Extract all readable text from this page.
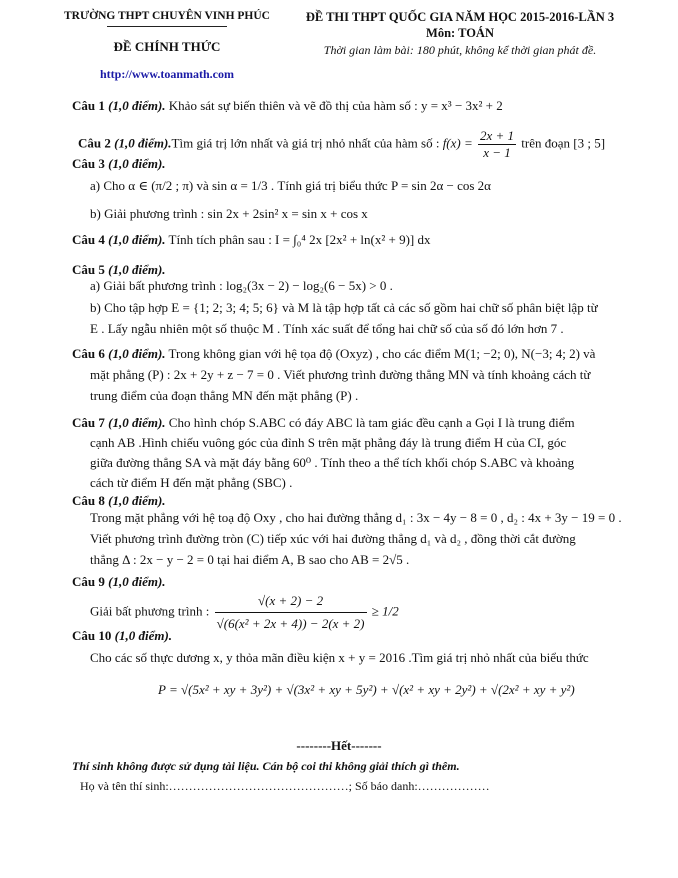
TRƯỜNG THPT CHUYÊN VINH PHÚC
ĐỀ CHÍNH THỨC
http://www.toanmath.com
ĐỀ THI THPT QUỐC GIA NĂM HỌC 2015-2016-LẦN 3
Môn: TOÁN
Thời gian làm bài: 180 phút, không kể thời gian phát đề.
Câu 1 (1,0 điểm). Khảo sát sự biến thiên và vẽ đồ thị của hàm số : y = x³ − 3x² + 2
Câu 2 (1,0 điểm).Tìm giá trị lớn nhất và giá trị nhỏ nhất của hàm số : $f(x) = \frac{2x + 1}{x - 1}$ trên đoạn [3 ; 5]
Câu 3 (1,0 điểm).
a) Cho α ∈ (π/2 ; π) và sin α = 1/3 . Tính giá trị biểu thức P = sin 2α − cos 2α
b) Giải phương trình : sin 2x + 2sin² x = sin x + cos x
Câu 4 (1,0 điểm). Tính tích phân sau : I = ∫₀⁴ 2x [2x² + ln(x² + 9)] dx
Câu 5 (1,0 điểm).
a) Giải bất phương trình : log₂(3x − 2) − log₂(6 − 5x) > 0 .
b) Cho tập hợp E = {1; 2; 3; 4; 5; 6} và M là tập hợp tất cả các số gồm hai chữ số phân biệt lập từ
E . Lấy ngẫu nhiên một số thuộc M . Tính xác suất để tổng hai chữ số của số đó lớn hơn 7 .
Câu 6 (1,0 điểm). Trong không gian với hệ tọa độ (Oxyz) , cho các điểm M(1; −2; 0), N(−3; 4; 2) và
mặt phẳng (P) : 2x + 2y + z − 7 = 0 . Viết phương trình đường thẳng MN và tính khoảng cách từ
trung điểm của đoạn thẳng MN đến mặt phẳng (P) .
Câu 7 (1,0 điểm). Cho hình chóp S.ABC có đáy ABC là tam giác đều cạnh a Gọi I là trung điểm
cạnh AB .Hình chiếu vuông góc của đỉnh S trên mặt phẳng đáy là trung điểm H của CI, góc
giữa đường thẳng SA và mặt đáy bằng 60⁰ . Tính theo a thể tích khối chóp S.ABC và khoảng
cách từ điểm H đến mặt phẳng (SBC) .
Câu 8 (1,0 điểm).
Trong mặt phẳng với hệ toạ độ Oxy , cho hai đường thẳng d₁ : 3x − 4y − 8 = 0 , d₂ : 4x + 3y − 19 = 0 .
Viết phương trình đường tròn (C) tiếp xúc với hai đường thẳng d₁ và d₂ , đồng thời cắt đường
thẳng Δ : 2x − y − 2 = 0 tại hai điểm A, B sao cho AB = 2√5 .
Câu 9 (1,0 điểm).
Giải bất phương trình : $\frac{√(x + 2) - 2}{\text{√(6(x² + 2x + 4)) − 2(x + 2)}} \ge 1/2$
Câu 10 (1,0 điểm).
Cho các số thực dương x, y thỏa mãn điều kiện x + y = 2016 .Tìm giá trị nhỏ nhất của biểu thức
P = √(5x² + xy + 3y²) + √(3x² + xy + 5y²) + √(x² + xy + 2y²) + √(2x² + xy + y²)
--------Hết-------
Thí sinh không được sử dụng tài liệu. Cán bộ coi thi không giải thích gì thêm.
Họ và tên thí sinh:………………………………………; Số báo danh:………………
